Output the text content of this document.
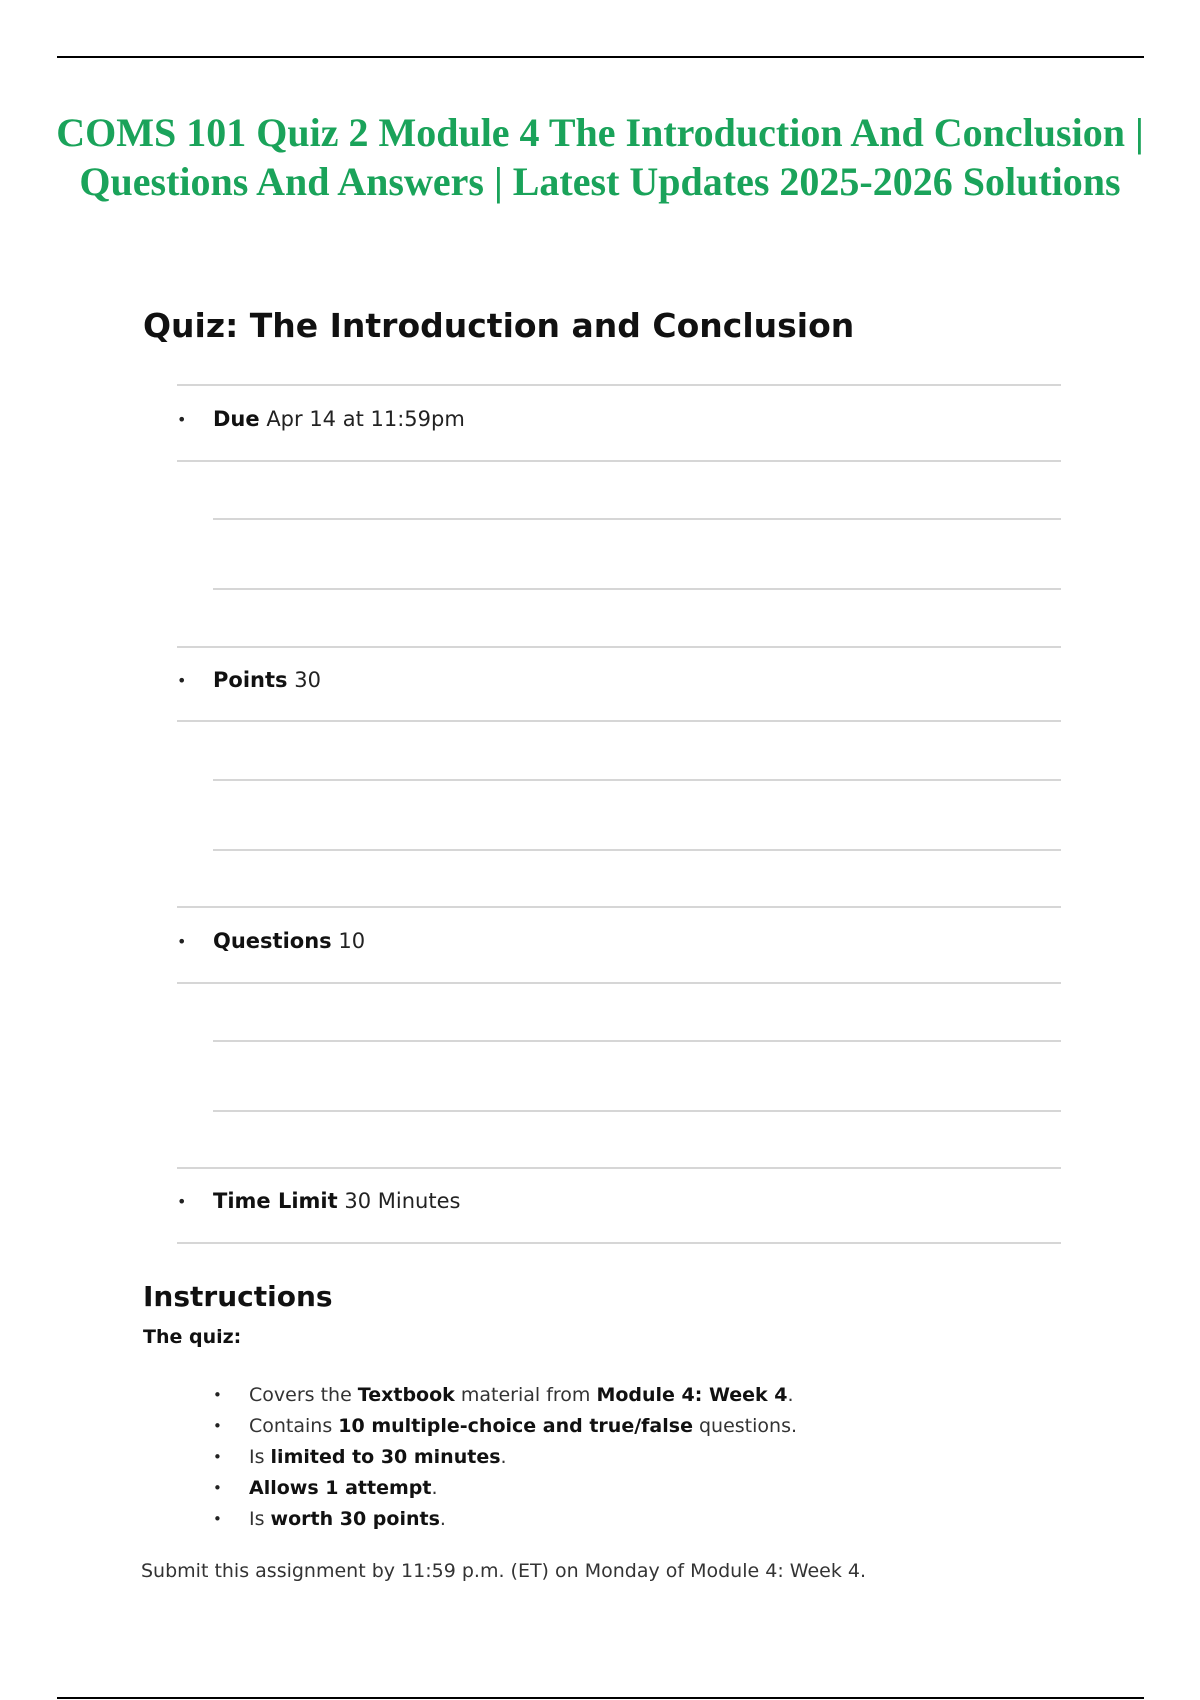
COMS 101 Quiz 2 Module 4 The Introduction And Conclusion |
Questions And Answers | Latest Updates 2025-2026 Solutions
Quiz: The Introduction and Conclusion
• Due Apr 14 at 11:59pm
• Points 30
• Questions 10
• Time Limit 30 Minutes
Instructions

The quiz:

• Covers the Textbook material from Module 4: Week 4.
• Contains 10 multiple-choice and true/false questions.
• Is limited to 30 minutes.
• Allows 1 attempt.
• Is worth 30 points.

Submit this assignment by 11:59 p.m. (ET) on Monday of Module 4: Week 4.
